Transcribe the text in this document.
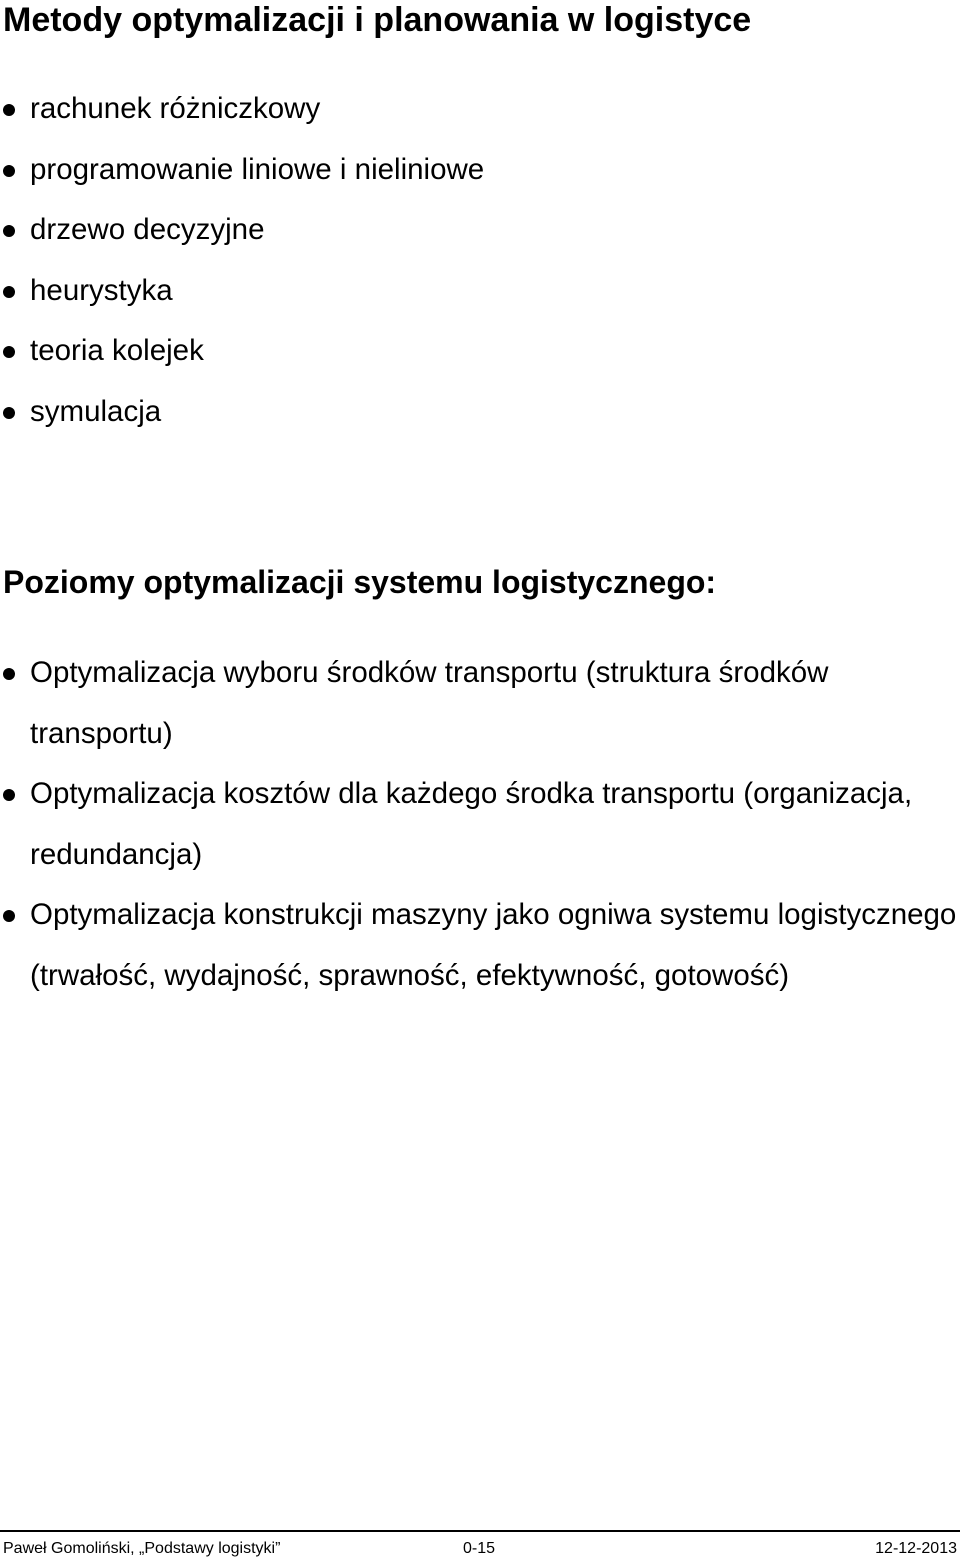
Metody optymalizacji i planowania w logistyce
rachunek różniczkowy
programowanie liniowe i nieliniowe
drzewo decyzyjne
heurystyka
teoria kolejek
symulacja
Poziomy optymalizacji systemu logistycznego:
Optymalizacja wyboru środków transportu (struktura środków transportu)
Optymalizacja kosztów dla każdego środka transportu (organizacja, redundancja)
Optymalizacja konstrukcji maszyny jako ogniwa systemu logistycznego (trwałość, wydajność, sprawność, efektywność, gotowość)
Paweł Gomoliński, „Podstawy logistyki”	0-15	12-12-2013
